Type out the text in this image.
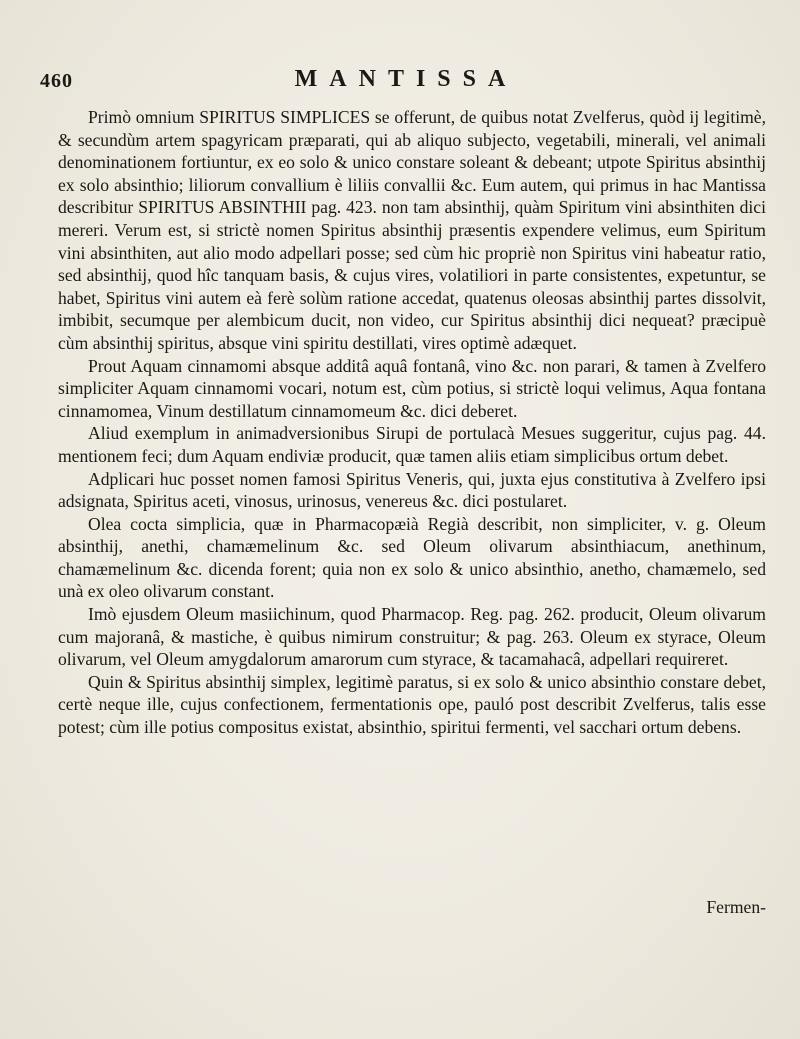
460	MANTISSA

Primò omnium SPIRITUS SIMPLICES se offerunt, de quibus notat Zvelferus, quòd ij legitimè, & secundùm artem spagyricam præparati, qui ab aliquo subjecto, vegetabili, minerali, vel animali denominationem fortiuntur, ex eo solo & unico constare soleant & debeant; utpote Spiritus absinthij ex solo absinthio; liliorum convallium è liliis convallii &c. Eum autem, qui primus in hac Mantissa describitur SPIRITUS ABSINTHII pag. 423. non tam absinthij, quàm Spiritum vini absinthiten dici mereri. Verum est, si strictè nomen Spiritus absinthij præsentis expendere velimus, eum Spiritum vini absinthiten, aut alio modo adpellari posse; sed cùm hic propriè non Spiritus vini habeatur ratio, sed absinthij, quod hîc tanquam basis, & cujus vires, volatiliori in parte consistentes, expetuntur, se habet, Spiritus vini autem eà ferè solùm ratione accedat, quatenus oleosas absinthij partes dissolvit, imbibit, secumque per alembicum ducit, non video, cur Spiritus absinthij dici nequeat? præcipuè cùm absinthij spiritus, absque vini spiritu destillati, vires optimè adæquet.

Prout Aquam cinnamomi absque additâ aquâ fontanâ, vino &c. non parari, & tamen à Zvelfero simpliciter Aquam cinnamomi vocari, notum est, cùm potius, si strictè loqui velimus, Aqua fontana cinnamomea, Vinum destillatum cinnamomeum &c. dici deberet.

Aliud exemplum in animadversionibus Sirupi de portulacà Mesues suggeritur, cujus pag. 44. mentionem feci; dum Aquam endiviæ producit, quæ tamen aliis etiam simplicibus ortum debet.

Adplicari huc posset nomen famosi Spiritus Veneris, qui, juxta ejus constitutiva à Zvelfero ipsi adsignata, Spiritus aceti, vinosus, urinosus, venereus &c. dici postularet.

Olea cocta simplicia, quæ in Pharmacopæià Regià describit, non simpliciter, v. g. Oleum absinthij, anethi, chamæmelinum &c. sed Oleum olivarum absinthiacum, anethinum, chamæmelinum &c. dicenda forent; quia non ex solo & unico absinthio, anetho, chamæmelo, sed unà ex oleo olivarum constant.

Imò ejusdem Oleum masiichinum, quod Pharmacop. Reg. pag. 262. producit, Oleum olivarum cum majoranâ, & mastiche, è quibus nimirum construitur; & pag. 263. Oleum ex styrace, Oleum olivarum, vel Oleum amygdalorum amarorum cum styrace, & tacamahacâ, adpellari requireret.

Quin & Spiritus absinthij simplex, legitimè paratus, si ex solo & unico absinthio constare debet, certè neque ille, cujus confectionem, fermentationis ope, pauló post describit Zvelferus, talis esse potest; cùm ille potius compositus existat, absinthio, spiritui fermenti, vel sacchari ortum debens.

Fermen-
